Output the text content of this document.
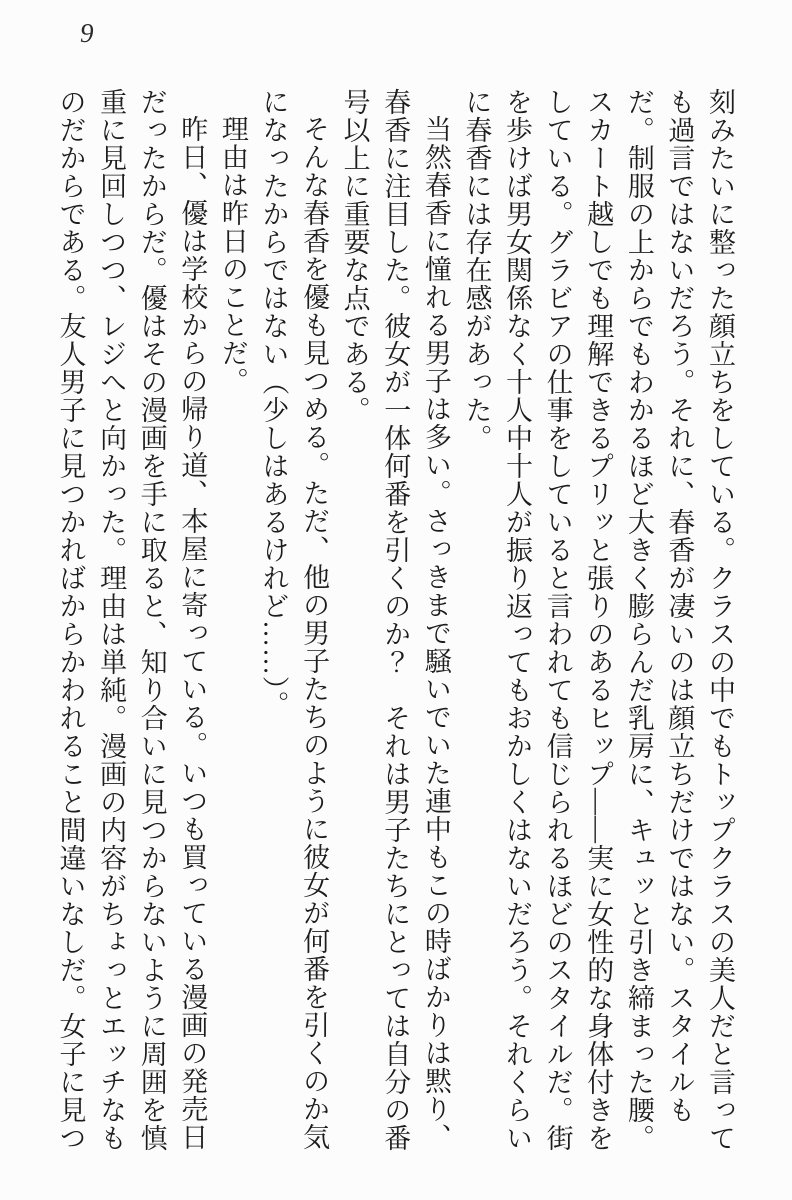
9

刻みたいに整った顔立ちをしている。クラスの中でもトップクラスの美人だと言っても過言ではないだろう。それに、春香が凄いのは顔立ちだけではない。スタイルもだ。制服の上からでもわかるほど大きく膨らんだ乳房に、キュッと引き締まった腰。スカート越しでも理解できるプリッと張りのあるヒップ――実に女性的な身体付きをしている。グラビアの仕事をしていると言われても信じられるほどのスタイルだ。街を歩けば男女関係なく十人中十人が振り返ってもおかしくはないだろう。それくらいに春香には存在感があった。

当然春香に憧れる男子は多い。さっきまで騒いでいた連中もこの時ばかりは黙り、春香に注目した。彼女が一体何番を引くのか？　それは男子たちにとっては自分の番号以上に重要な点である。

そんな春香を優も見つめる。ただ、他の男子たちのように彼女が何番を引くのか気になったからではない（少しはあるけれど……）。

理由は昨日のことだ。

昨日、優は学校からの帰り道、本屋に寄っている。いつも買っている漫画の発売日だったからだ。優はその漫画を手に取ると、知り合いに見つからないように周囲を慎重に見回しつつ、レジへと向かった。理由は単純。漫画の内容がちょっとエッチなものだからである。友人男子に見つかればからかわれること間違いなしだ。女子に見つ
